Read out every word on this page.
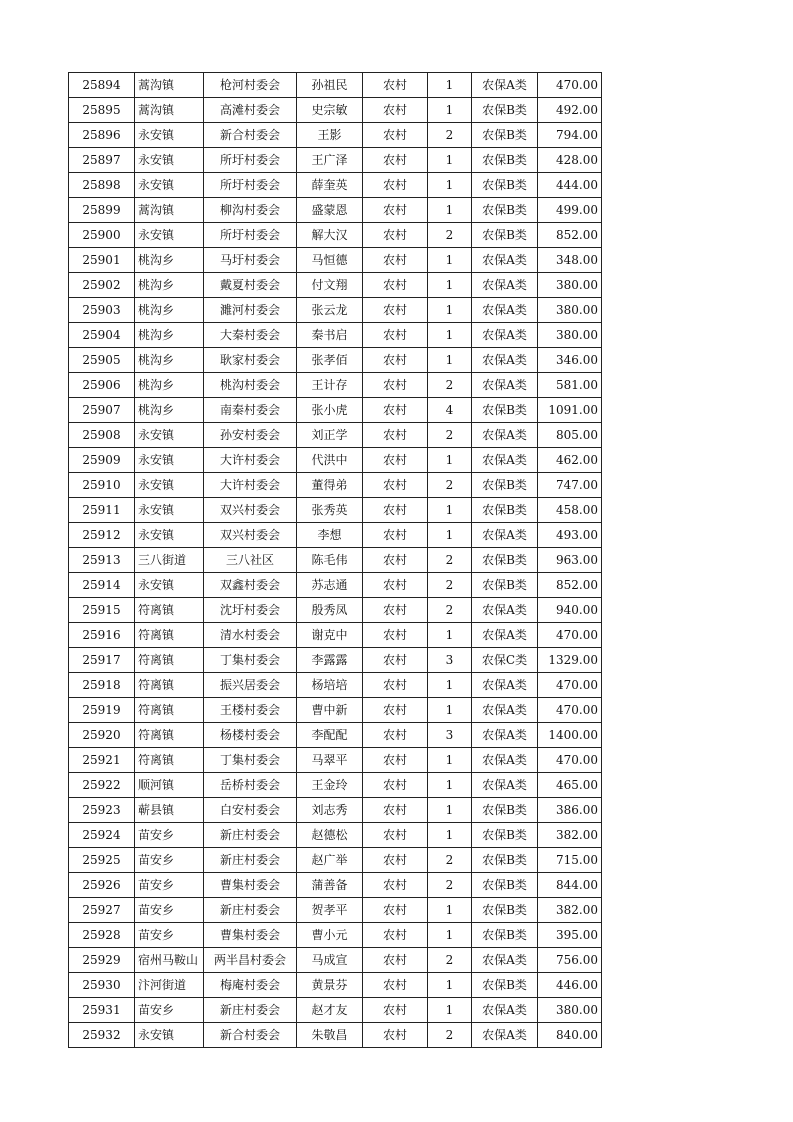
25894	蒿沟镇	枪河村委会	孙祖民	农村	1	农保A类	470.00
25895	蒿沟镇	高滩村委会	史宗敏	农村	1	农保B类	492.00
25896	永安镇	新合村委会	王影	农村	2	农保B类	794.00
25897	永安镇	所圩村委会	王广泽	农村	1	农保B类	428.00
25898	永安镇	所圩村委会	薛奎英	农村	1	农保B类	444.00
25899	蒿沟镇	柳沟村委会	盛蒙恩	农村	1	农保B类	499.00
25900	永安镇	所圩村委会	解大汉	农村	2	农保B类	852.00
25901	桃沟乡	马圩村委会	马恒德	农村	1	农保A类	348.00
25902	桃沟乡	戴夏村委会	付文翔	农村	1	农保A类	380.00
25903	桃沟乡	濉河村委会	张云龙	农村	1	农保A类	380.00
25904	桃沟乡	大秦村委会	秦书启	农村	1	农保A类	380.00
25905	桃沟乡	耿家村委会	张孝佰	农村	1	农保A类	346.00
25906	桃沟乡	桃沟村委会	王计存	农村	2	农保A类	581.00
25907	桃沟乡	南秦村委会	张小虎	农村	4	农保B类	1091.00
25908	永安镇	孙安村委会	刘正学	农村	2	农保A类	805.00
25909	永安镇	大许村委会	代洪中	农村	1	农保A类	462.00
25910	永安镇	大许村委会	董得弟	农村	2	农保B类	747.00
25911	永安镇	双兴村委会	张秀英	农村	1	农保B类	458.00
25912	永安镇	双兴村委会	李想	农村	1	农保A类	493.00
25913	三八街道	三八社区	陈毛伟	农村	2	农保B类	963.00
25914	永安镇	双鑫村委会	苏志通	农村	2	农保B类	852.00
25915	符离镇	沈圩村委会	殷秀凤	农村	2	农保A类	940.00
25916	符离镇	清水村委会	谢克中	农村	1	农保A类	470.00
25917	符离镇	丁集村委会	李露露	农村	3	农保C类	1329.00
25918	符离镇	振兴居委会	杨培培	农村	1	农保A类	470.00
25919	符离镇	王楼村委会	曹中新	农村	1	农保A类	470.00
25920	符离镇	杨楼村委会	李配配	农村	3	农保A类	1400.00
25921	符离镇	丁集村委会	马翠平	农村	1	农保A类	470.00
25922	顺河镇	岳桥村委会	王金玲	农村	1	农保A类	465.00
25923	蕲县镇	白安村委会	刘志秀	农村	1	农保B类	386.00
25924	苗安乡	新庄村委会	赵德松	农村	1	农保B类	382.00
25925	苗安乡	新庄村委会	赵广举	农村	2	农保B类	715.00
25926	苗安乡	曹集村委会	蒲善备	农村	2	农保B类	844.00
25927	苗安乡	新庄村委会	贺孝平	农村	1	农保B类	382.00
25928	苗安乡	曹集村委会	曹小元	农村	1	农保B类	395.00
25929	宿州马鞍山	两半昌村委会	马成宣	农村	2	农保A类	756.00
25930	汴河街道	梅庵村委会	黄景芬	农村	1	农保B类	446.00
25931	苗安乡	新庄村委会	赵才友	农村	1	农保A类	380.00
25932	永安镇	新合村委会	朱敬昌	农村	2	农保A类	840.00
